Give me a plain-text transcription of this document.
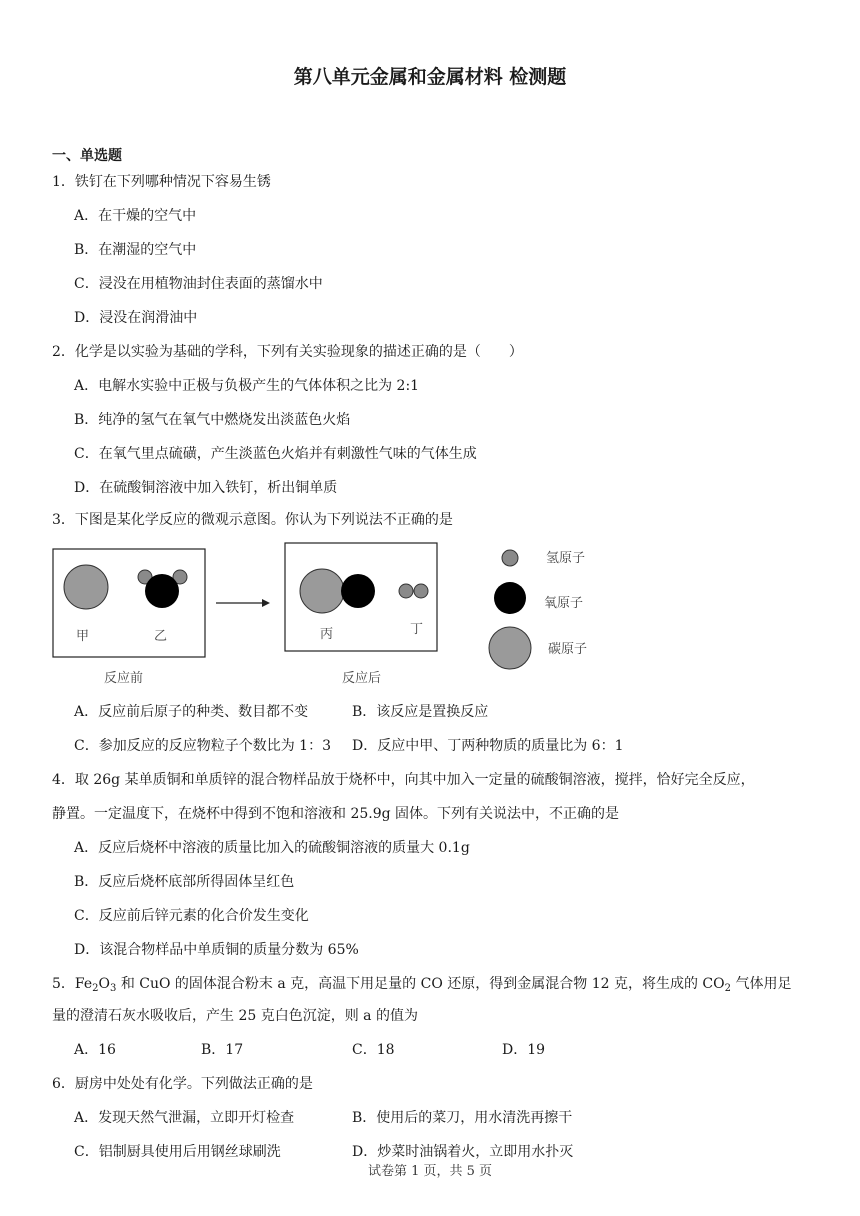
第八单元金属和金属材料 检测题
一、单选题
1．铁钉在下列哪种情况下容易生锈
A．在干燥的空气中
B．在潮湿的空气中
C．浸没在用植物油封住表面的蒸馏水中
D．浸没在润滑油中
2．化学是以实验为基础的学科，下列有关实验现象的描述正确的是（　　）
A．电解水实验中正极与负极产生的气体体积之比为 2:1
B．纯净的氢气在氧气中燃烧发出淡蓝色火焰
C．在氧气里点硫磺，产生淡蓝色火焰并有刺激性气味的气体生成
D．在硫酸铜溶液中加入铁钉，析出铜单质
3．下图是某化学反应的微观示意图。你认为下列说法不正确的是
甲	乙
反应前
丙	丁
反应后
氢原子
氧原子
碳原子
A．反应前后原子的种类、数目都不变	B．该反应是置换反应
C．参加反应的反应物粒子个数比为 1：3 D．反应中甲、丁两种物质的质量比为 6：1
4．取 26g 某单质铜和单质锌的混合物样品放于烧杯中，向其中加入一定量的硫酸铜溶液，搅拌，恰好完全反应，
静置。一定温度下，在烧杯中得到不饱和溶液和 25.9g 固体。下列有关说法中，不正确的是
A．反应后烧杯中溶液的质量比加入的硫酸铜溶液的质量大 0.1g
B．反应后烧杯底部所得固体呈红色
C．反应前后锌元素的化合价发生变化
D．该混合物样品中单质铜的质量分数为 65%
5．$Fe_2O_3$ 和 CuO 的固体混合粉末 a 克，高温下用足量的 CO 还原，得到金属混合物 12 克，将生成的 $CO_2$ 气体用足
量的澄清石灰水吸收后，产生 25 克白色沉淀，则 a 的值为
A．16	B．17	C．18	D．19
6．厨房中处处有化学。下列做法正确的是
A．发现天然气泄漏，立即开灯检查	B．使用后的菜刀，用水清洗再擦干
C．铝制厨具使用后用钢丝球刷洗	D．炒菜时油锅着火，立即用水扑灭
试卷第 1 页，共 5 页
